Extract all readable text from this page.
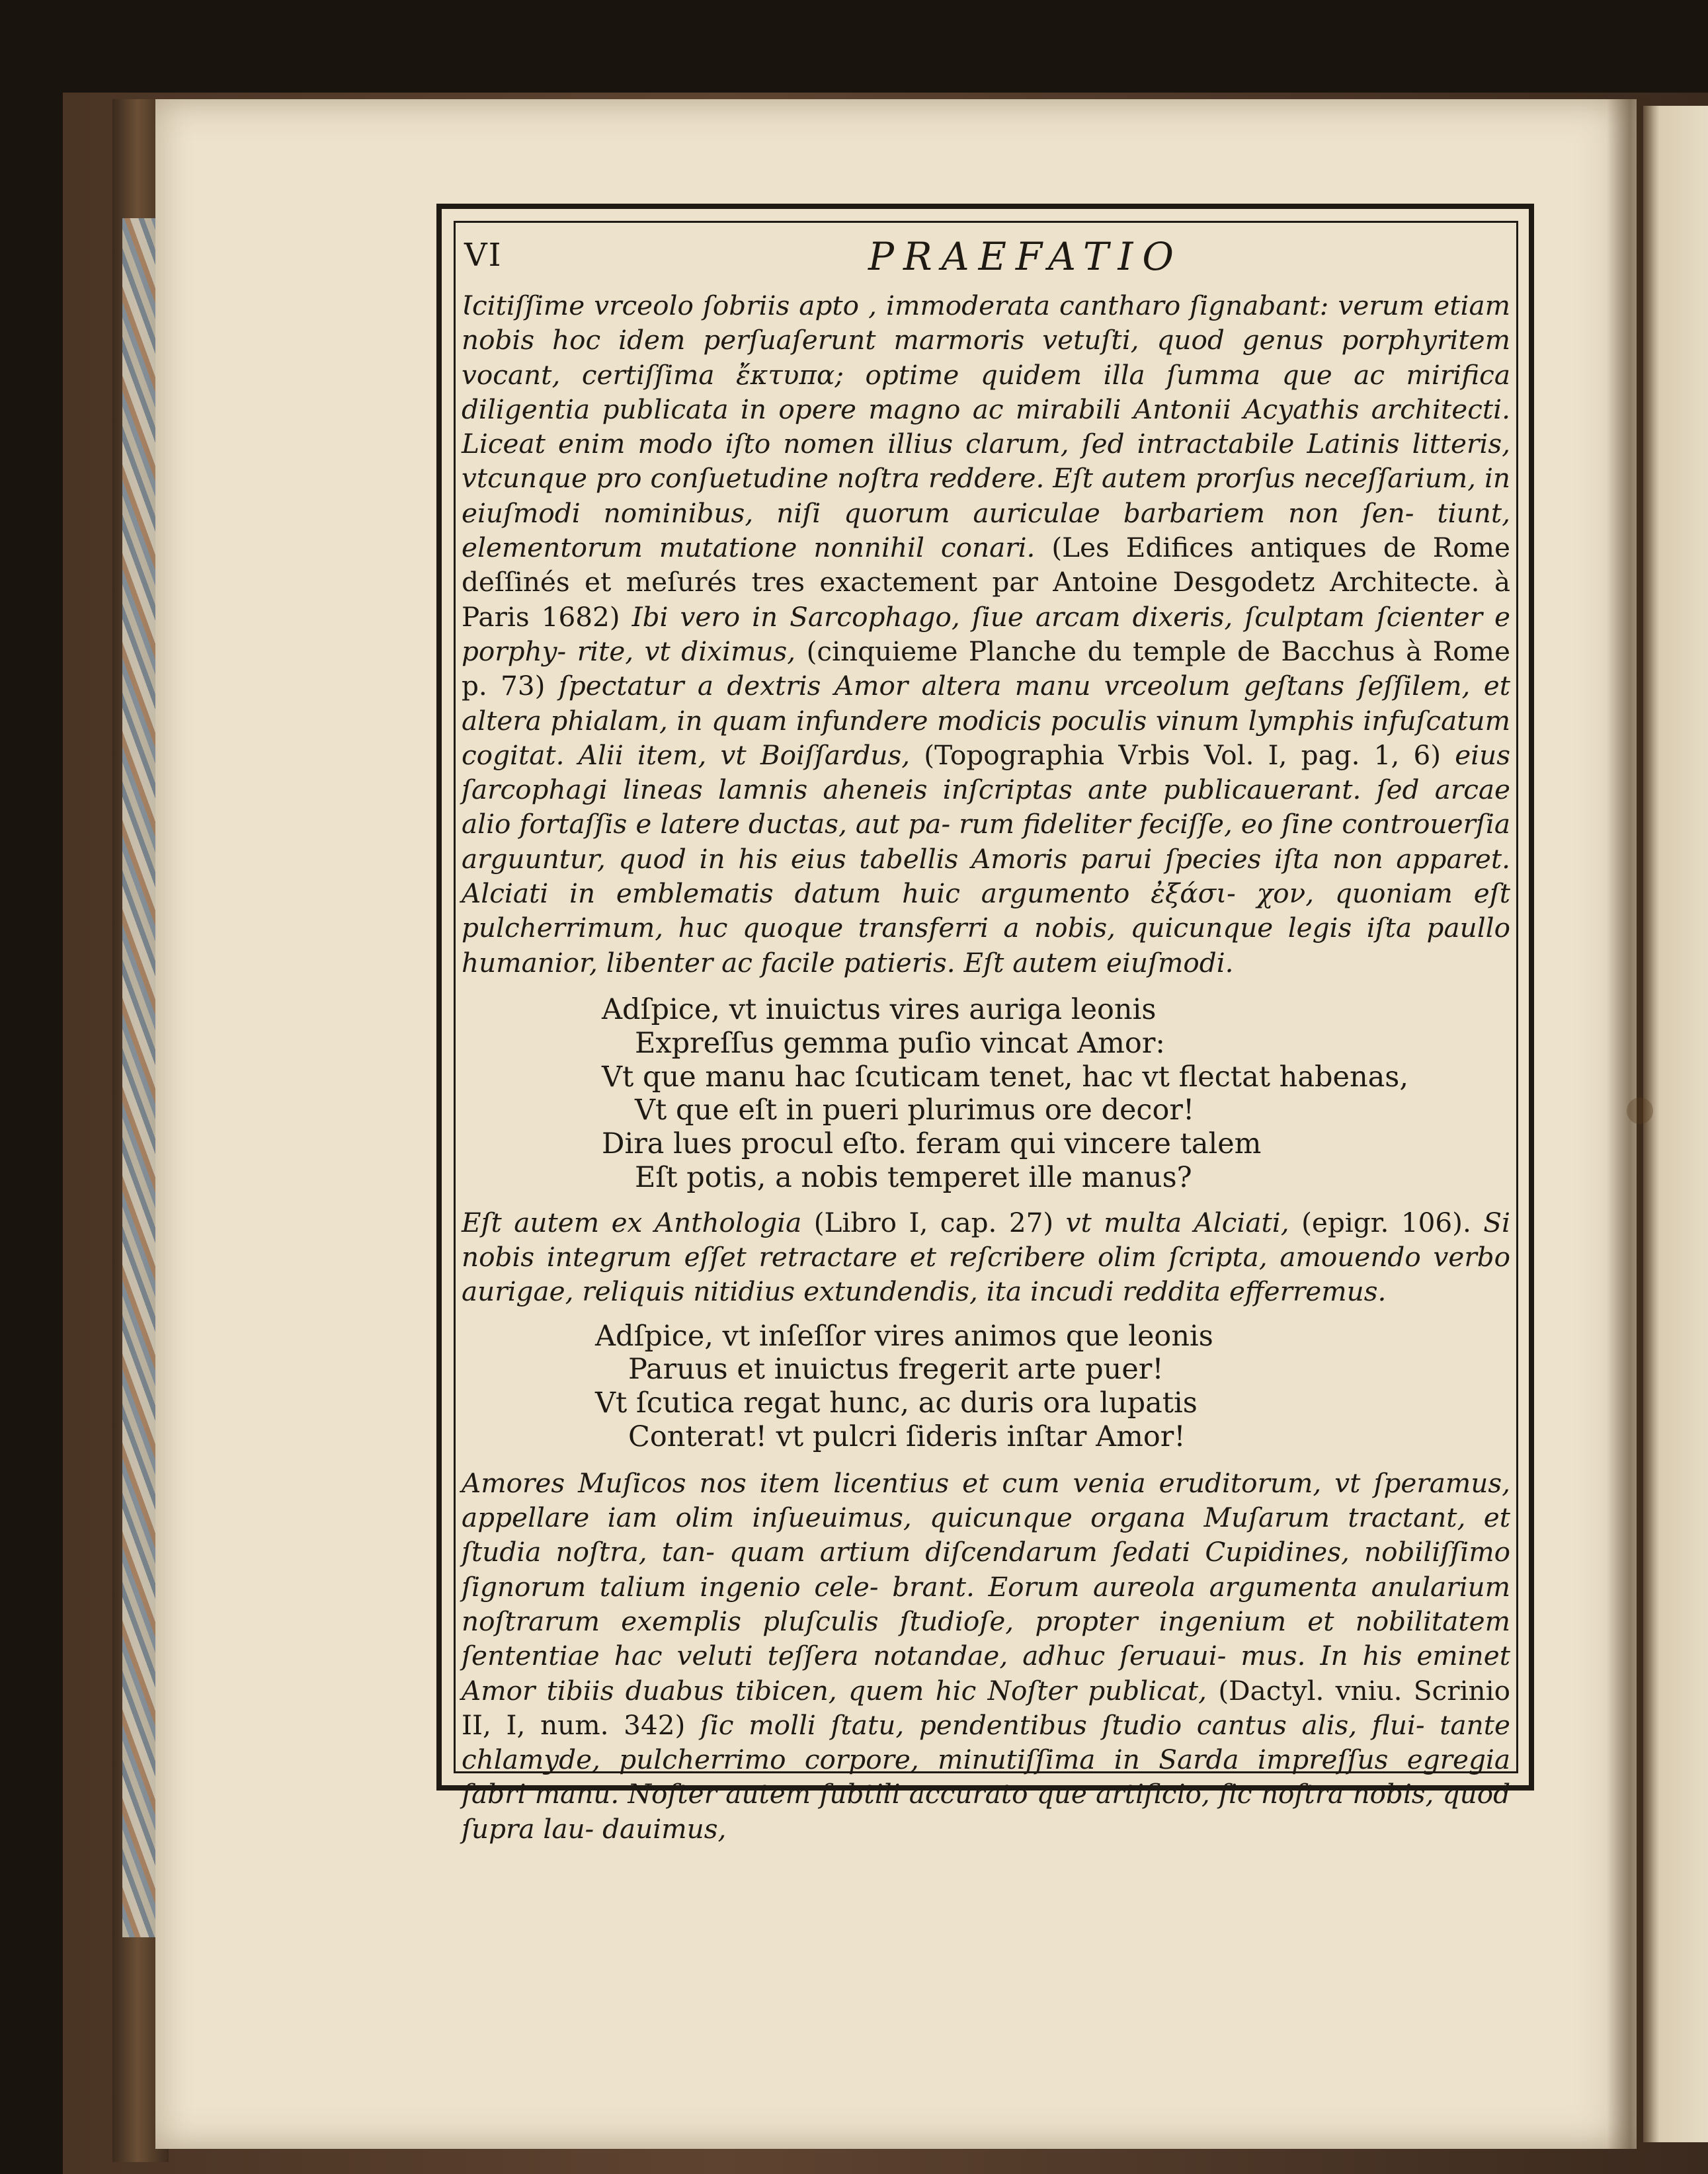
VI	PRAEFATIO
Ɩcitiſſime vrceolo ſobriis apto , immoderata cantharo ſignabant: verum etiam nobis hoc idem perſuaſerunt marmoris vetuſti, quod genus porphyritem vocant, certiſſima ἔκτυπα; optime quidem illa ſumma que ac mirifica diligentia publicata in opere magno ac mirabili Antonii Acyathis architecti. Liceat enim modo iſto nomen illius clarum, ſed intractabile Latinis litteris, vtcunque pro conſuetudine noſtra reddere. Eſt autem prorſus neceſſarium, in eiuſmodi nominibus, niſi quorum auriculae barbariem non ſen- tiunt, elementorum mutatione nonnihil conari. (Les Edifices antiques de Rome deſſinés et meſurés tres exactement par Antoine Desgodetz Architecte. à Paris 1682) Ibi vero in Sarcophago, ſiue arcam dixeris, ſculptam ſcienter e porphy- rite, vt diximus, (cinquieme Planche du temple de Bacchus à Rome p. 73) ſpectatur a dextris Amor altera manu vrceolum geſtans ſeſſilem, et altera phialam, in quam infundere modicis poculis vinum lymphis infuſcatum cogitat. Alii item, vt Boiſſardus, (Topographia Vrbis Vol. I, pag. 1, 6) eius ſarcophagi lineas lamnis aheneis inſcriptas ante publicauerant. ſed arcae alio fortaſſis e latere ductas, aut pa- rum fideliter feciſſe, eo ſine controuerſia arguuntur, quod in his eius tabellis Amoris parui ſpecies iſta non apparet. Alciati in emblematis datum huic argumento ἐξάσι- χον, quoniam eſt pulcherrimum, huc quoque transferri a nobis, quicunque legis iſta paullo humanior, libenter ac facile patieris. Eſt autem eiuſmodi.
Adſpice, vt inuictus vires auriga leonis
Expreſſus gemma puſio vincat Amor:
Vt que manu hac ſcuticam tenet, hac vt flectat habenas,
Vt que eſt in pueri plurimus ore decor!
Dira lues procul eſto. feram qui vincere talem
Eſt potis, a nobis temperet ille manus?
Eſt autem ex Anthologia (Libro I, cap. 27) vt multa Alciati, (epigr. 106). Si nobis integrum eſſet retractare et reſcribere olim ſcripta, amouendo verbo aurigae, reliquis nitidius extundendis, ita incudi reddita efferremus.
Adſpice, vt inſeſſor vires animos que leonis
Paruus et inuictus fregerit arte puer!
Vt ſcutica regat hunc, ac duris ora lupatis
Conterat! vt pulcri ſideris inſtar Amor!
Amores Muſicos nos item licentius et cum venia eruditorum, vt ſperamus, appellare iam olim inſueuimus, quicunque organa Muſarum tractant, et ſtudia noſtra, tan- quam artium diſcendarum ſedati Cupidines, nobiliſſimo ſignorum talium ingenio cele- brant. Eorum aureola argumenta anularium noſtrarum exemplis pluſculis ſtudioſe, propter ingenium et nobilitatem ſententiae hac veluti teſſera notandae, adhuc ſeruaui- mus. In his eminet Amor tibiis duabus tibicen, quem hic Noſter publicat, (Dactyl. vniu. Scrinio II, I, num. 342) ſic molli ſtatu, pendentibus ſtudio cantus alis, flui- tante chlamyde, pulcherrimo corpore, minutiſſima in Sarda impreſſus egregia fabri manu. Noſter autem ſubtili accurato que artificio, ſic noſtra nobis, quod ſupra lau- dauimus,
